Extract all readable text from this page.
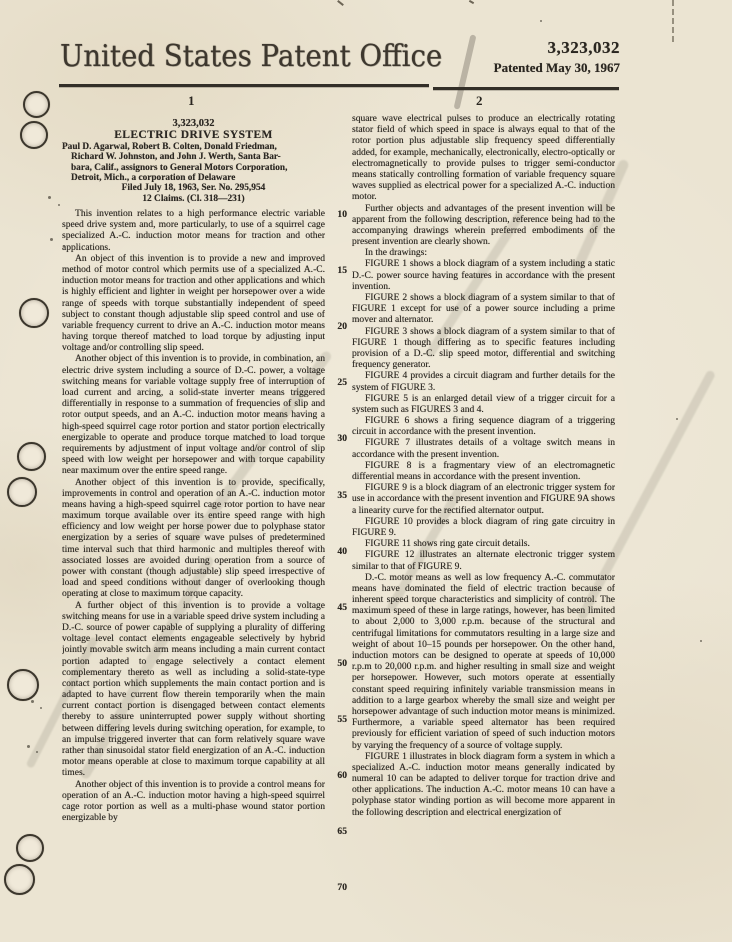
United States Patent Office	3,323,032
Patented May 30, 1967
1	2
3,323,032
ELECTRIC DRIVE SYSTEM
Paul D. Agarwal, Robert B. Colten, Donald Friedman,
Richard W. Johnston, and John J. Werth, Santa Bar-
bara, Calif., assignors to General Motors Corporation,
Detroit, Mich., a corporation of Delaware
Filed July 18, 1963, Ser. No. 295,954
12 Claims. (Cl. 318—231)

This invention relates to a high performance electric variable speed drive system and, more particularly, to use of a squirrel cage specialized A.-C. induction motor means for traction and other applications.

An object of this invention is to provide a new and improved method of motor control which permits use of a specialized A.-C. induction motor means for traction and other applications and which is highly efficient and lighter in weight per horsepower over a wide range of speeds with torque substantially independent of speed subject to constant though adjustable slip speed control and use of variable frequency current to drive an A.-C. induction motor means having torque thereof matched to load torque by adjusting input voltage and/or controlling slip speed.

Another object of this invention is to provide, in combination, an electric drive system including a source of D.-C. power, a voltage switching means for variable voltage supply free of interruption of load current and arcing, a solid-state inverter means triggered differentially in response to a summation of frequencies of slip and rotor output speeds, and an A.-C. induction motor means having a high-speed squirrel cage rotor portion and stator portion electrically energizable to operate and produce torque matched to load torque requirements by adjustment of input voltage and/or control of slip speed with low weight per horsepower and with torque capability near maximum over the entire speed range.

Another object of this invention is to provide, specifically, improvements in control and operation of an A.-C. induction motor means having a high-speed squirrel cage rotor portion to have near maximum torque available over its entire speed range with high efficiency and low weight per horse power due to polyphase stator energization by a series of square wave pulses of predetermined time interval such that third harmonic and multiples thereof with associated losses are avoided during operation from a source of power with constant (though adjustable) slip speed irrespective of load and speed conditions without danger of overlooking though operating at close to maximum torque capacity.

A further object of this invention is to provide a voltage switching means for use in a variable speed drive system including a D.-C. source of power capable of supplying a plurality of differing voltage level contact elements engageable selectively by hybrid jointly movable switch arm means including a main current contact portion adapted to engage selectively a contact element complementary thereto as well as including a solid-state-type contact portion which supplements the main contact portion and is adapted to have current flow therein temporarily when the main current contact portion is disengaged between contact elements thereby to assure uninterrupted power supply without shorting between differing levels during switching operation, for example, to an impulse triggered inverter that can form relatively square wave rather than sinusoidal stator field energization of an A.-C. induction motor means operable at close to maximum torque capability at all times.

Another object of this invention is to provide a control means for operation of an A.-C. induction motor having a high-speed squirrel cage rotor portion as well as a multi-phase wound stator portion energizable by

square wave electrical pulses to produce an electrically rotating stator field of which speed in space is always equal to that of the rotor portion plus adjustable slip frequency speed differentially added, for example, mechanically, electronically, electro-optically or electromagnetically to provide pulses to trigger semi-conductor means statically controlling formation of variable frequency square waves supplied as electrical power for a specialized A.-C. induction motor.

Further objects and advantages of the present invention will be apparent from the following description, reference being had to the accompanying drawings wherein preferred embodiments of the present invention are clearly shown.

In the drawings:

FIGURE 1 shows a block diagram of a system including a static D.-C. power source having features in accordance with the present invention.

FIGURE 2 shows a block diagram of a system similar to that of FIGURE 1 except for use of a power source including a prime mover and alternator.

FIGURE 3 shows a block diagram of a system similar to that of FIGURE 1 though differing as to specific features including provision of a D.-C. slip speed motor, differential and switching frequency generator.

FIGURE 4 provides a circuit diagram and further details for the system of FIGURE 3.

FIGURE 5 is an enlarged detail view of a trigger circuit for a system such as FIGURES 3 and 4.

FIGURE 6 shows a firing sequence diagram of a triggering circuit in accordance with the present invention.

FIGURE 7 illustrates details of a voltage switch means in accordance with the present invention.

FIGURE 8 is a fragmentary view of an electromagnetic differential means in accordance with the present invention.

FIGURE 9 is a block diagram of an electronic trigger system for use in accordance with the present invention and FIGURE 9A shows a linearity curve for the rectified alternator output.

FIGURE 10 provides a block diagram of ring gate circuitry in FIGURE 9.

FIGURE 11 shows ring gate circuit details.

FIGURE 12 illustrates an alternate electronic trigger system similar to that of FIGURE 9.

D.-C. motor means as well as low frequency A.-C. commutator means have dominated the field of electric traction because of inherent speed torque characteristics and simplicity of control. The maximum speed of these in large ratings, however, has been limited to about 2,000 to 3,000 r.p.m. because of the structural and centrifugal limitations for commutators resulting in a large size and weight of about 10–15 pounds per horsepower. On the other hand, induction motors can be designed to operate at speeds of 10,000 r.p.m to 20,000 r.p.m. and higher resulting in small size and weight per horsepower. However, such motors operate at essentially constant speed requiring infinitely variable transmission means in addition to a large gearbox whereby the small size and weight per horsepower advantage of such induction motor means is minimized. Furthermore, a variable speed alternator has been required previously for efficient variation of speed of such induction motors by varying the frequency of a source of voltage supply.

FIGURE 1 illustrates in block diagram form a system in which a specialized A.-C. induction motor means generally indicated by numeral 10 can be adapted to deliver torque for traction drive and other applications. The induction A.-C. motor means 10 can have a polyphase stator winding portion as will become more apparent in the following description and electrical energization of

10
15
20
25
30
35
40
45
50
55
60
65
70
